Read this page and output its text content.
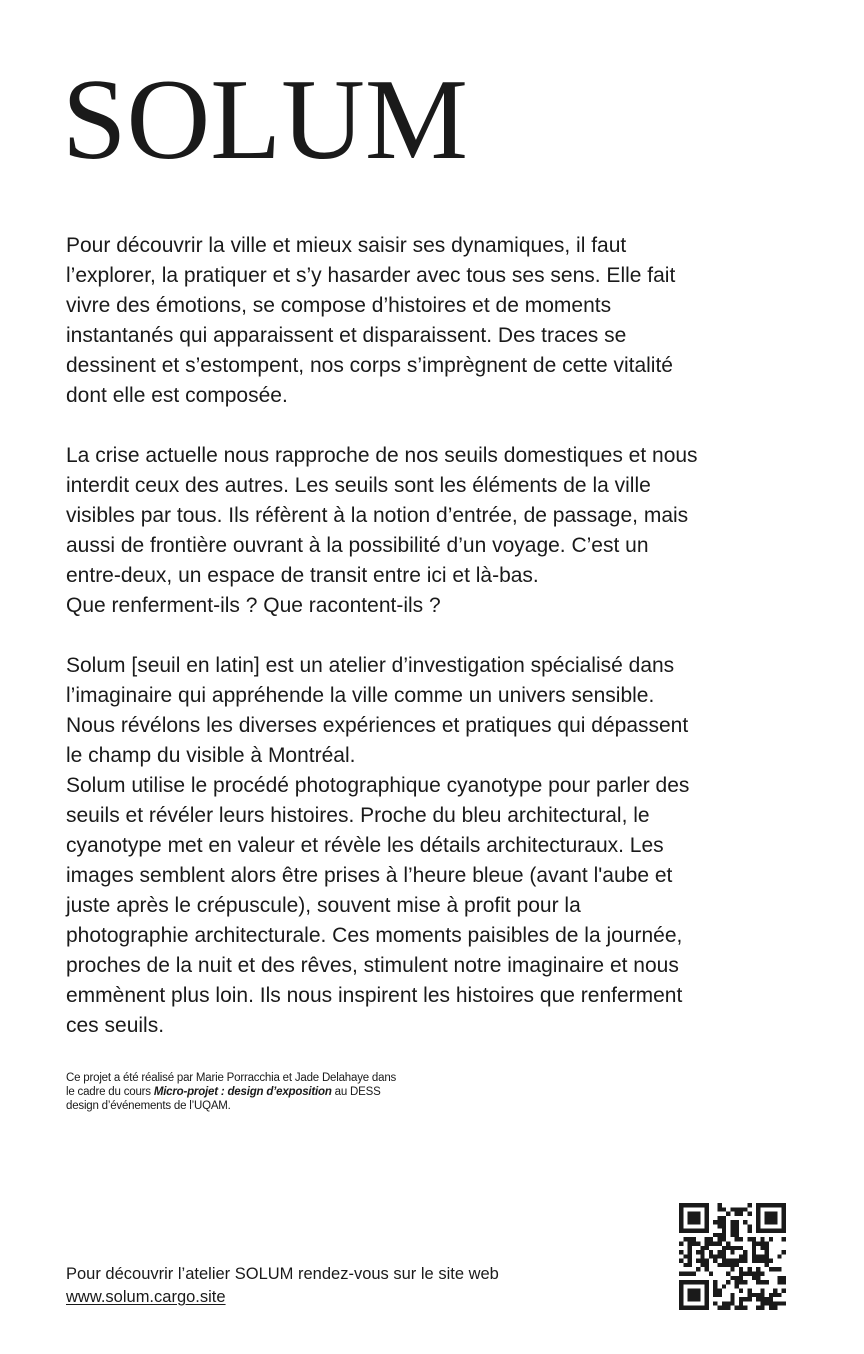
SOLUM
Pour découvrir la ville et mieux saisir ses dynamiques, il faut
l’explorer, la pratiquer et s’y hasarder avec tous ses sens. Elle fait
vivre des émotions, se compose d’histoires et de moments
instantanés qui apparaissent et disparaissent. Des traces se
dessinent et s’estompent, nos corps s’imprègnent de cette vitalité
dont elle est composée.
La crise actuelle nous rapproche de nos seuils domestiques et nous
interdit ceux des autres. Les seuils sont les éléments de la ville
visibles par tous. Ils réfèrent à la notion d’entrée, de passage, mais
aussi de frontière ouvrant à la possibilité d’un voyage. C’est un
entre-deux, un espace de transit entre ici et là-bas.
Que renferment-ils ? Que racontent-ils ?
Solum [seuil en latin] est un atelier d’investigation spécialisé dans
l’imaginaire qui appréhende la ville comme un univers sensible.
Nous révélons les diverses expériences et pratiques qui dépassent
le champ du visible à Montréal.
Solum utilise le procédé photographique cyanotype pour parler des
seuils et révéler leurs histoires. Proche du bleu architectural, le
cyanotype met en valeur et révèle les détails architecturaux. Les
images semblent alors être prises à l’heure bleue (avant l'aube et
juste après le crépuscule), souvent mise à profit pour la
photographie architecturale. Ces moments paisibles de la journée,
proches de la nuit et des rêves, stimulent notre imaginaire et nous
emmènent plus loin. Ils nous inspirent les histoires que renferment
ces seuils.
Ce projet a été réalisé par Marie Porracchia et Jade Delahaye dans
le cadre du cours Micro-projet : design d’exposition au DESS
design d’événements de l’UQAM.
Pour découvrir l’atelier SOLUM rendez-vous sur le site web
www.solum.cargo.site
